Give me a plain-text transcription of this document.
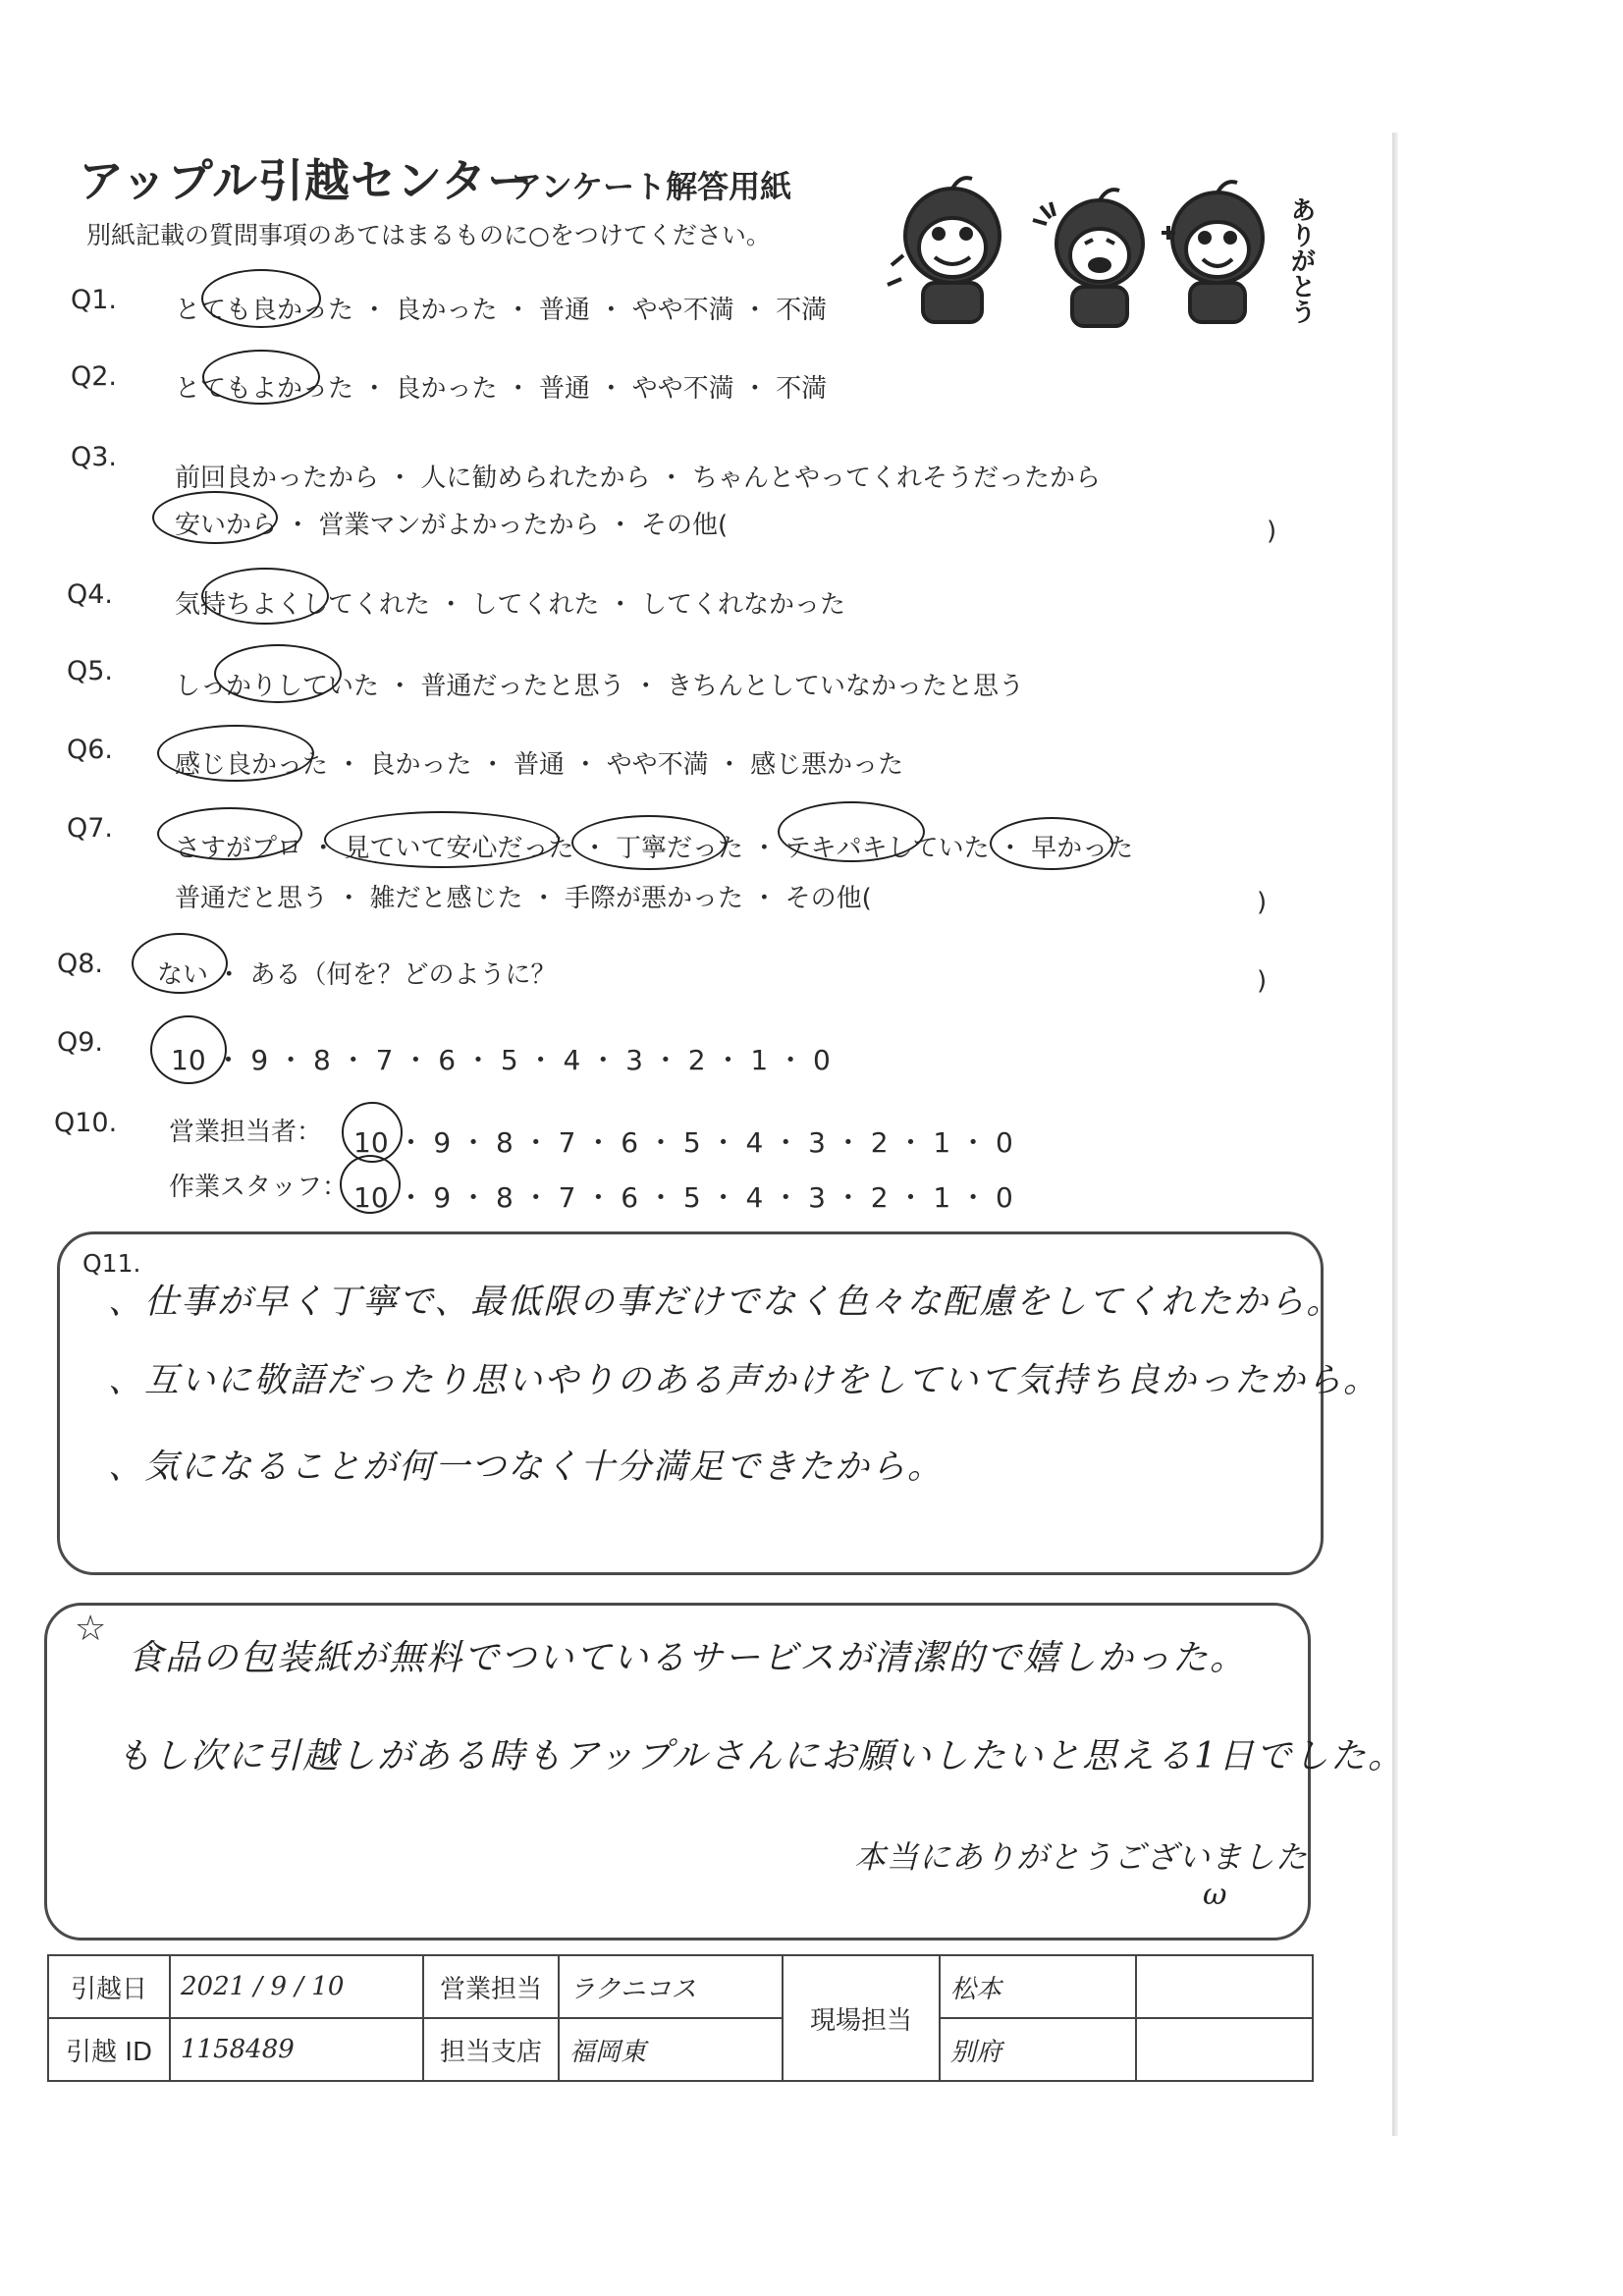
アップル引越センター
アンケート解答用紙
別紙記載の質問事項のあてはまるものに○をつけてください。	ありがとう
Q1. とても良かった ・ 良かった ・ 普通 ・ やや不満 ・ 不満
Q2. とてもよかった ・ 良かった ・ 普通 ・ やや不満 ・ 不満
Q3.
前回良かったから ・ 人に勧められたから ・ ちゃんとやってくれそうだったから
安いから ・ 営業マンがよかったから ・ その他(	)
Q4. 気持ちよくしてくれた ・ してくれた ・ してくれなかった
Q5. しっかりしていた ・ 普通だったと思う ・ きちんとしていなかったと思う
Q6. 感じ良かった ・ 良かった ・ 普通 ・ やや不満 ・ 感じ悪かった
Q7.
さすがプロ ・ 見ていて安心だった ・ 丁寧だった ・ テキパキしていた ・ 早かった
普通だと思う ・ 雑だと感じた ・ 手際が悪かった ・ その他(	)
Q8. ない ・ ある（何を？どのように？	)
Q9.
10 ・ 9 ・ 8 ・ 7 ・ 6 ・ 5 ・ 4 ・ 3 ・ 2 ・ 1 ・ 0
Q10. 営業担当者： 10 ・ 9 ・ 8 ・ 7 ・ 6 ・ 5 ・ 4 ・ 3 ・ 2 ・ 1 ・ 0
作業スタッフ： 10 ・ 9 ・ 8 ・ 7 ・ 6 ・ 5 ・ 4 ・ 3 ・ 2 ・ 1 ・ 0
Q11.
、仕事が早く丁寧で、最低限の事だけでなく色々な配慮をしてくれたから。
、互いに敬語だったり思いやりのある声かけをしていて気持ち良かったから。
、気になることが何一つなく十分満足できたから。
☆
食品の包装紙が無料でついているサービスが清潔的で嬉しかった。
もし次に引越しがある時もアップルさんにお願いしたいと思える1日でした。
本当にありがとうございました
ω
引越日	2021 / 9 / 10	営業担当	ラクニコス	現場担当	松本	
引越 ID	1158489	担当支店	福岡東		别府	
